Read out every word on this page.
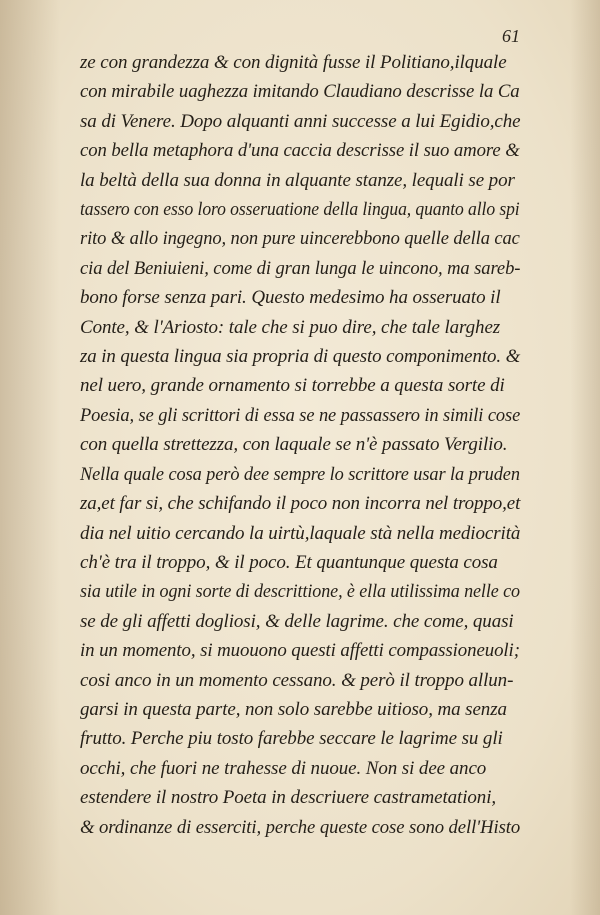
61
ze con grandezza & con dignità fusse il Politiano,ilquale
con mirabile uaghezza imitando Claudiano descrisse la Ca
sa di Venere. Dopo alquanti anni successe a lui Egidio,che
con bella metaphora d'una caccia descrisse il suo amore &
la beltà della sua donna in alquante stanze, lequali se por
tassero con esso loro osseruatione della lingua, quanto allo spi
rito & allo ingegno, non pure uincerebbono quelle della cac
cia del Beniuieni, come di gran lunga le uincono, ma sareb-
bono forse senza pari. Questo medesimo ha osseruato il
Conte, & l'Ariosto: tale che si puo dire, che tale larghez
za in questa lingua sia propria di questo componimento. &
nel uero, grande ornamento si torrebbe a questa sorte di
Poesia, se gli scrittori di essa se ne passassero in simili cose
con quella strettezza, con laquale se n'è passato Vergilio.
Nella quale cosa però dee sempre lo scrittore usar la pruden
za,et far si, che schifando il poco non incorra nel troppo,et
dia nel uitio cercando la uirtù,laquale stà nella mediocrità
ch'è tra il troppo, & il poco. Et quantunque questa cosa
sia utile in ogni sorte di descrittione, è ella utilissima nelle co
se de gli affetti dogliosi, & delle lagrime. che come, quasi
in un momento, si muouono questi affetti compassioneuoli;
cosi anco in un momento cessano. & però il troppo allun-
garsi in questa parte, non solo sarebbe uitioso, ma senza
frutto. Perche piu tosto farebbe seccare le lagrime su gli
occhi, che fuori ne trahesse di nuoue. Non si dee anco
estendere il nostro Poeta in descriuere castrametationi,
& ordinanze di esserciti, perche queste cose sono dell'Histo
